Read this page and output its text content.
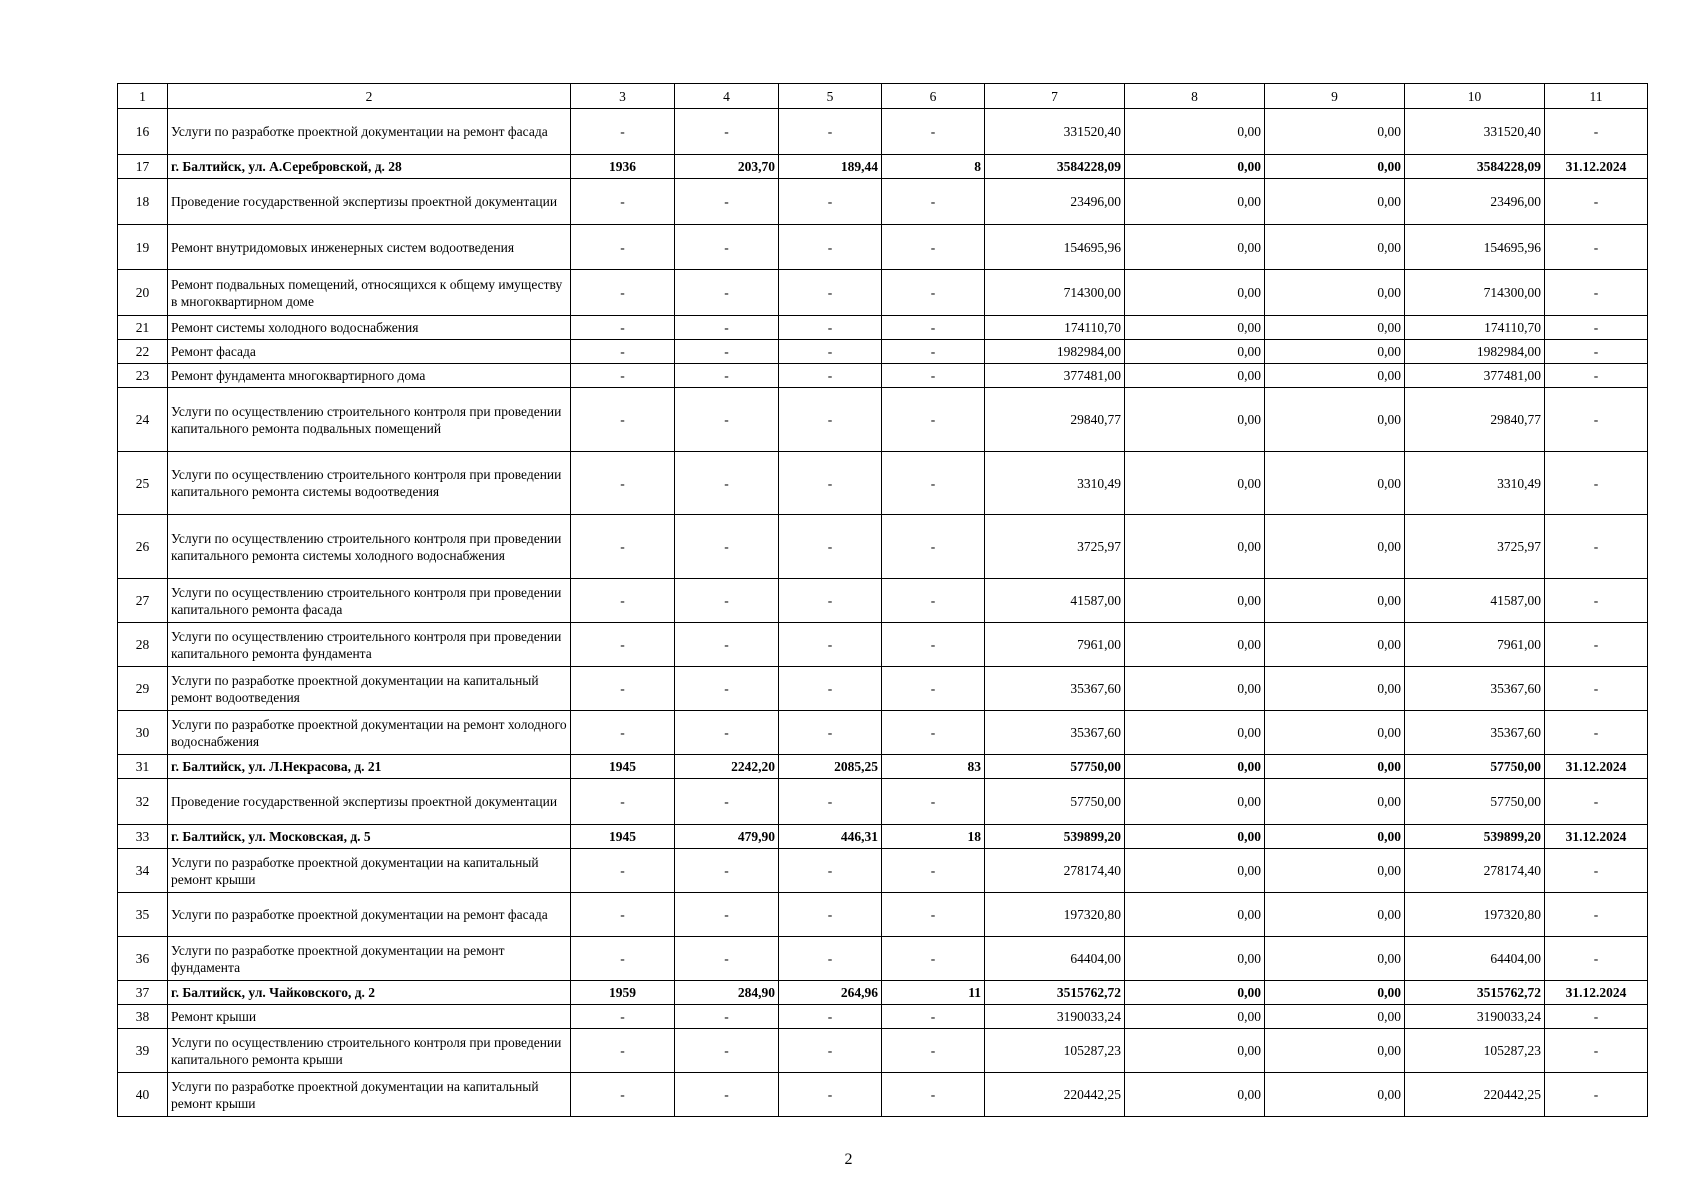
1	2	3	4	5	6	7	8	9	10	11
16	Услуги по разработке проектной документации на ремонт фасада	-	-	-	-	331520,40	0,00	0,00	331520,40	-
17	г. Балтийск, ул. А.Серебровской, д. 28	1936	203,70	189,44	8	3584228,09	0,00	0,00	3584228,09	31.12.2024
18	Проведение государственной экспертизы проектной документации	-	-	-	-	23496,00	0,00	0,00	23496,00	-
19	Ремонт внутридомовых инженерных систем водоотведения	-	-	-	-	154695,96	0,00	0,00	154695,96	-
20	Ремонт подвальных помещений, относящихся к общему имуществу в многоквартирном доме	-	-	-	-	714300,00	0,00	0,00	714300,00	-
21	Ремонт системы холодного водоснабжения	-	-	-	-	174110,70	0,00	0,00	174110,70	-
22	Ремонт фасада	-	-	-	-	1982984,00	0,00	0,00	1982984,00	-
23	Ремонт фундамента многоквартирного дома	-	-	-	-	377481,00	0,00	0,00	377481,00	-
24	Услуги по осуществлению строительного контроля при проведении капитального ремонта подвальных помещений	-	-	-	-	29840,77	0,00	0,00	29840,77	-
25	Услуги по осуществлению строительного контроля при проведении капитального ремонта системы водоотведения	-	-	-	-	3310,49	0,00	0,00	3310,49	-
26	Услуги по осуществлению строительного контроля при проведении капитального ремонта системы холодного водоснабжения	-	-	-	-	3725,97	0,00	0,00	3725,97	-
27	Услуги по осуществлению строительного контроля при проведении капитального ремонта фасада	-	-	-	-	41587,00	0,00	0,00	41587,00	-
28	Услуги по осуществлению строительного контроля при проведении капитального ремонта фундамента	-	-	-	-	7961,00	0,00	0,00	7961,00	-
29	Услуги по разработке проектной документации на капитальный ремонт водоотведения	-	-	-	-	35367,60	0,00	0,00	35367,60	-
30	Услуги по разработке проектной документации на ремонт холодного водоснабжения	-	-	-	-	35367,60	0,00	0,00	35367,60	-
31	г. Балтийск, ул. Л.Некрасова, д. 21	1945	2242,20	2085,25	83	57750,00	0,00	0,00	57750,00	31.12.2024
32	Проведение государственной экспертизы проектной документации	-	-	-	-	57750,00	0,00	0,00	57750,00	-
33	г. Балтийск, ул. Московская, д. 5	1945	479,90	446,31	18	539899,20	0,00	0,00	539899,20	31.12.2024
34	Услуги по разработке проектной документации на капитальный ремонт крыши	-	-	-	-	278174,40	0,00	0,00	278174,40	-
35	Услуги по разработке проектной документации на ремонт фасада	-	-	-	-	197320,80	0,00	0,00	197320,80	-
36	Услуги по разработке проектной документации на ремонт фундамента	-	-	-	-	64404,00	0,00	0,00	64404,00	-
37	г. Балтийск, ул. Чайковского, д. 2	1959	284,90	264,96	11	3515762,72	0,00	0,00	3515762,72	31.12.2024
38	Ремонт крыши	-	-	-	-	3190033,24	0,00	0,00	3190033,24	-
39	Услуги по осуществлению строительного контроля при проведении капитального ремонта крыши	-	-	-	-	105287,23	0,00	0,00	105287,23	-
40	Услуги по разработке проектной документации на капитальный ремонт крыши	-	-	-	-	220442,25	0,00	0,00	220442,25	-
2
